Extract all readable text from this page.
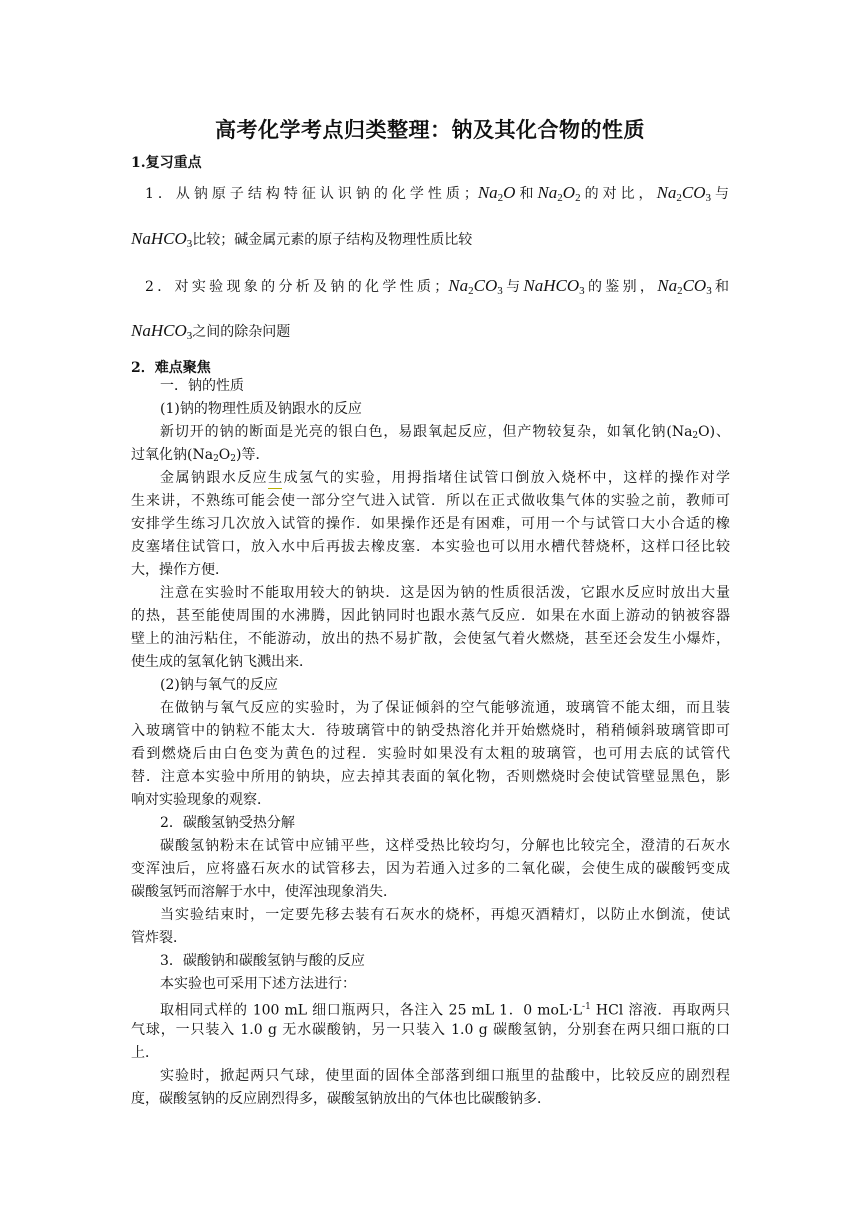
高考化学考点归类整理：钠及其化合物的性质
1.复习重点
1．从钠原子结构特征认识钠的化学性质；$Na_2O$和$Na_2O_2$的对比，$Na_2CO_3$与
NaHCO$_3$比较；碱金属元素的原子结构及物理性质比较
2．对实验现象的分析及钠的化学性质；$Na_2CO_3$与NaHCO$_3$的鉴别，$Na_2CO_3$和
NaHCO$_3$之间的除杂问题
2．难点聚焦
一．钠的性质
(1)钠的物理性质及钠跟水的反应
新切开的钠的断面是光亮的银白色，易跟氧起反应，但产物较复杂，如氧化钠(Na2O)、
过氧化钠(Na2O2)等．
金属钠跟水反应生成氢气的实验，用拇指堵住试管口倒放入烧杯中，这样的操作对学
生来讲，不熟练可能会使一部分空气进入试管．所以在正式做收集气体的实验之前，教师可
安排学生练习几次放入试管的操作．如果操作还是有困难，可用一个与试管口大小合适的橡
皮塞堵住试管口，放入水中后再拔去橡皮塞．本实验也可以用水槽代替烧杯，这样口径比较
大，操作方便．
注意在实验时不能取用较大的钠块．这是因为钠的性质很活泼，它跟水反应时放出大量
的热，甚至能使周围的水沸腾，因此钠同时也跟水蒸气反应．如果在水面上游动的钠被容器
壁上的油污粘住，不能游动，放出的热不易扩散，会使氢气着火燃烧，甚至还会发生小爆炸，
使生成的氢氧化钠飞溅出来．
(2)钠与氧气的反应
在做钠与氧气反应的实验时，为了保证倾斜的空气能够流通，玻璃管不能太细，而且装
入玻璃管中的钠粒不能太大．待玻璃管中的钠受热溶化并开始燃烧时，稍稍倾斜玻璃管即可
看到燃烧后由白色变为黄色的过程．实验时如果没有太粗的玻璃管，也可用去底的试管代
替．注意本实验中所用的钠块，应去掉其表面的氧化物，否则燃烧时会使试管壁显黑色，影
响对实验现象的观察．
2．碳酸氢钠受热分解
碳酸氢钠粉末在试管中应铺平些，这样受热比较均匀，分解也比较完全，澄清的石灰水
变浑浊后，应将盛石灰水的试管移去，因为若通入过多的二氧化碳，会使生成的碳酸钙变成
碳酸氢钙而溶解于水中，使浑浊现象消失．
当实验结束时，一定要先移去装有石灰水的烧杯，再熄灭酒精灯，以防止水倒流，使试
管炸裂．
3．碳酸钠和碳酸氢钠与酸的反应
本实验也可采用下述方法进行：
取相同式样的 100 mL 细口瓶两只，各注入 25 mL 1．0 $moL\cdot L^{-1}$ HCl 溶液．再取两只
气球，一只装入 1.0 g 无水碳酸钠，另一只装入 1.0 g 碳酸氢钠，分别套在两只细口瓶的口
上．
实验时，掀起两只气球，使里面的固体全部落到细口瓶里的盐酸中，比较反应的剧烈程
度，碳酸氢钠的反应剧烈得多，碳酸氢钠放出的气体也比碳酸钠多．
